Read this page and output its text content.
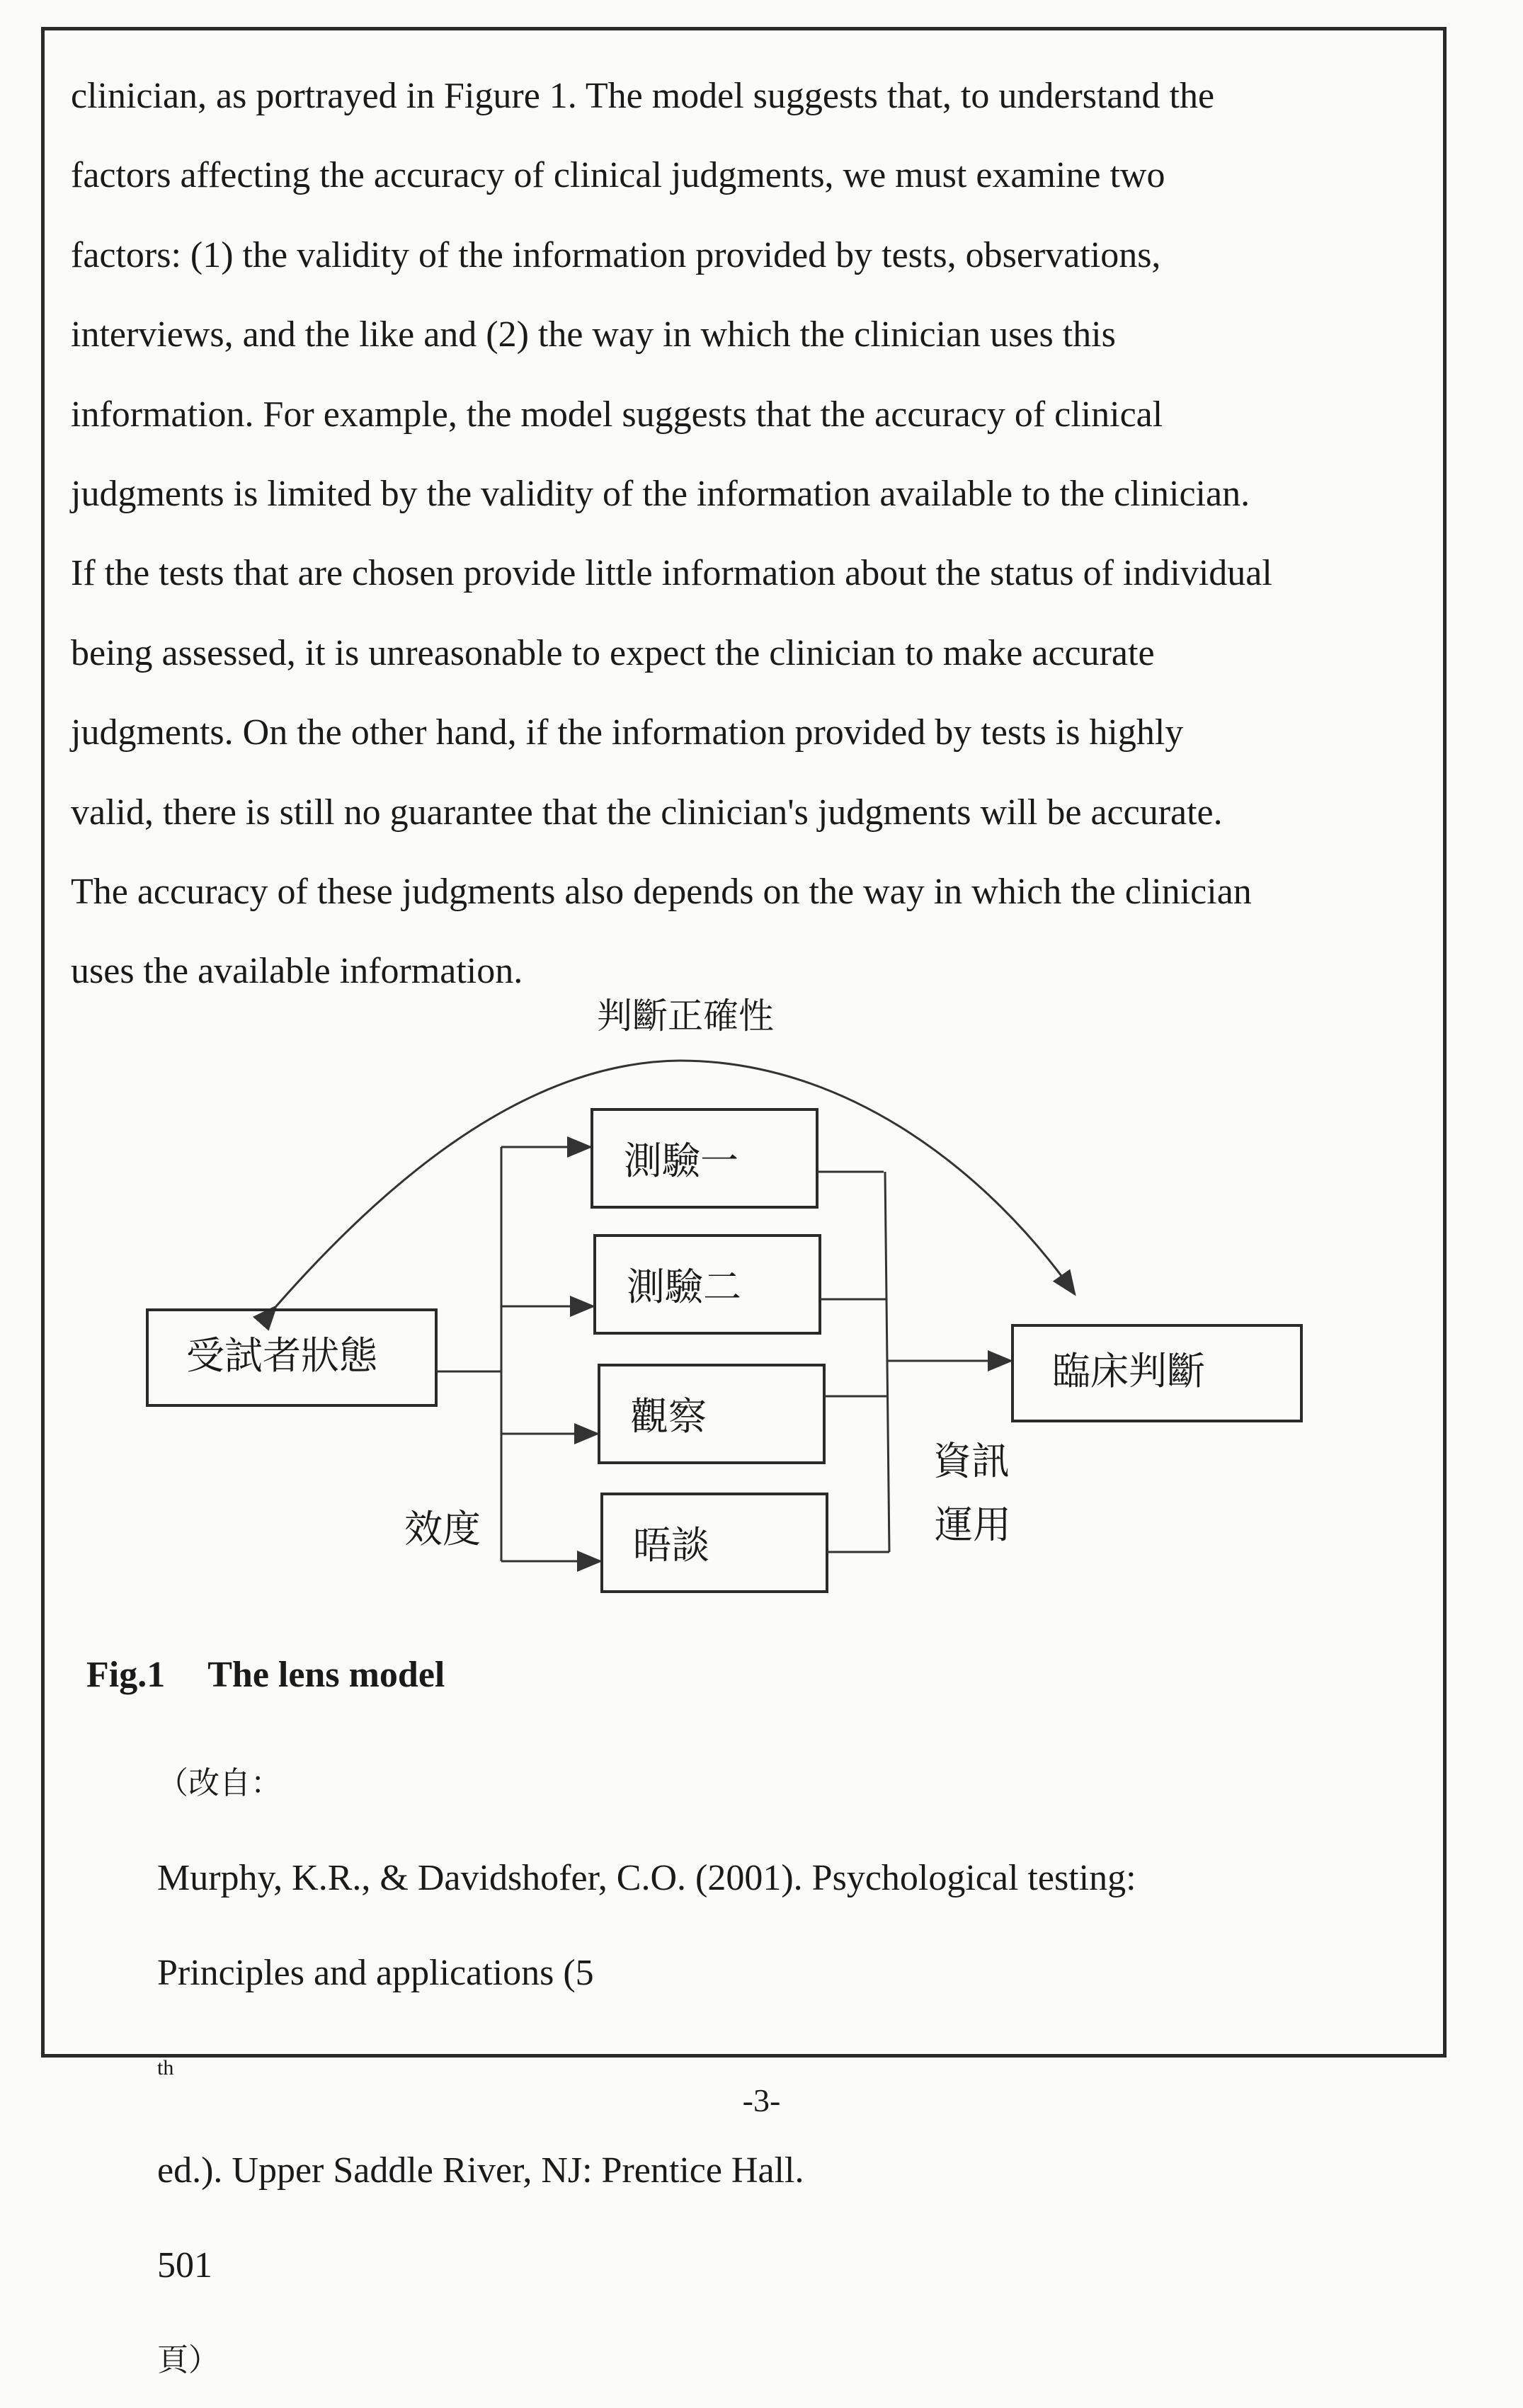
clinician, as portrayed in Figure 1. The model suggests that, to understand the
factors affecting the accuracy of clinical judgments, we must examine two
factors: (1) the validity of the information provided by tests, observations,
interviews, and the like and (2) the way in which the clinician uses this
information. For example, the model suggests that the accuracy of clinical
judgments is limited by the validity of the information available to the clinician.
If the tests that are chosen provide little information about the status of individual
being assessed, it is unreasonable to expect the clinician to make accurate
judgments. On the other hand, if the information provided by tests is highly
valid, there is still no guarantee that the clinician's judgments will be accurate.
The accuracy of these judgments also depends on the way in which the clinician
uses the available information.
判斷正確性
受試者狀態
測驗一
測驗二
觀察
晤談
臨床判斷
效度
資訊
運用
Fig.1 The lens model
（改自：
Murphy, K.R., & Davidshofer, C.O. (2001). Psychological testing:
Principles and applications (5
$^{th}$
ed.). Upper Saddle River, NJ: Prentice Hall.
501
頁）
-3-
